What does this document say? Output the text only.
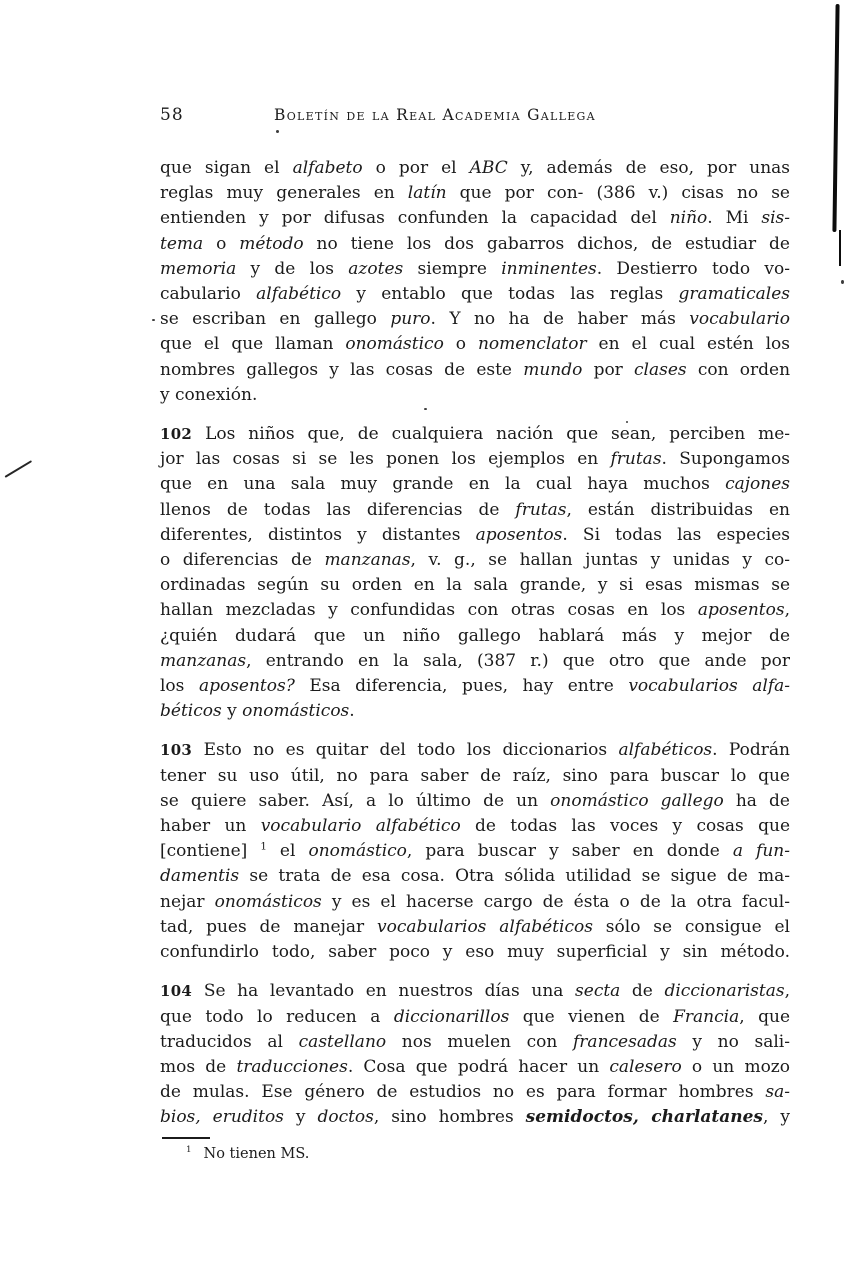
58	Boletín de la Real Academia Gallega
que sigan el alfabeto o por el ABC y, además de eso, por unas
reglas muy generales en latín que por con- (386 v.) cisas no se
entienden y por difusas confunden la capacidad del niño. Mi sis-
tema o método no tiene los dos gabarros dichos, de estudiar de
memoria y de los azotes siempre inminentes. Destierro todo vo-
cabulario alfabético y entablo que todas las reglas gramaticales
se escriban en gallego puro. Y no ha de haber más vocabulario
que el que llaman onomástico o nomenclator en el cual estén los
nombres gallegos y las cosas de este mundo por clases con orden
y conexión.
102 Los niños que, de cualquiera nación que sean, perciben me-
jor las cosas si se les ponen los ejemplos en frutas. Supongamos
que en una sala muy grande en la cual haya muchos cajones
llenos de todas las diferencias de frutas, están distribuidas en
diferentes, distintos y distantes aposentos. Si todas las especies
o diferencias de manzanas, v. g., se hallan juntas y unidas y co-
ordinadas según su orden en la sala grande, y si esas mismas se
hallan mezcladas y confundidas con otras cosas en los aposentos,
¿quién dudará que un niño gallego hablará más y mejor de
manzanas, entrando en la sala, (387 r.) que otro que ande por
los aposentos? Esa diferencia, pues, hay entre vocabularios alfa-
béticos y onomásticos.
103 Esto no es quitar del todo los diccionarios alfabéticos. Podrán
tener su uso útil, no para saber de raíz, sino para buscar lo que
se quiere saber. Así, a lo último de un onomástico gallego ha de
haber un vocabulario alfabético de todas las voces y cosas que
[contiene] $^1$ el onomástico, para buscar y saber en donde a fun-
damentis se trata de esa cosa. Otra sólida utilidad se sigue de ma-
nejar onomásticos y es el hacerse cargo de ésta o de la otra facul-
tad, pues de manejar vocabularios alfabéticos sólo se consigue el
confundirlo todo, saber poco y eso muy superficial y sin método.
104 Se ha levantado en nuestros días una secta de diccionaristas,
que todo lo reducen a diccionarillos que vienen de Francia, que
traducidos al castellano nos muelen con francesadas y no sali-
mos de traducciones. Cosa que podrá hacer un calesero o un mozo
de mulas. Ese género de estudios no es para formar hombres sa-
bios, eruditos y doctos, sino hombres semidoctos, charlatanes, y
$^1$ No tienen MS.
